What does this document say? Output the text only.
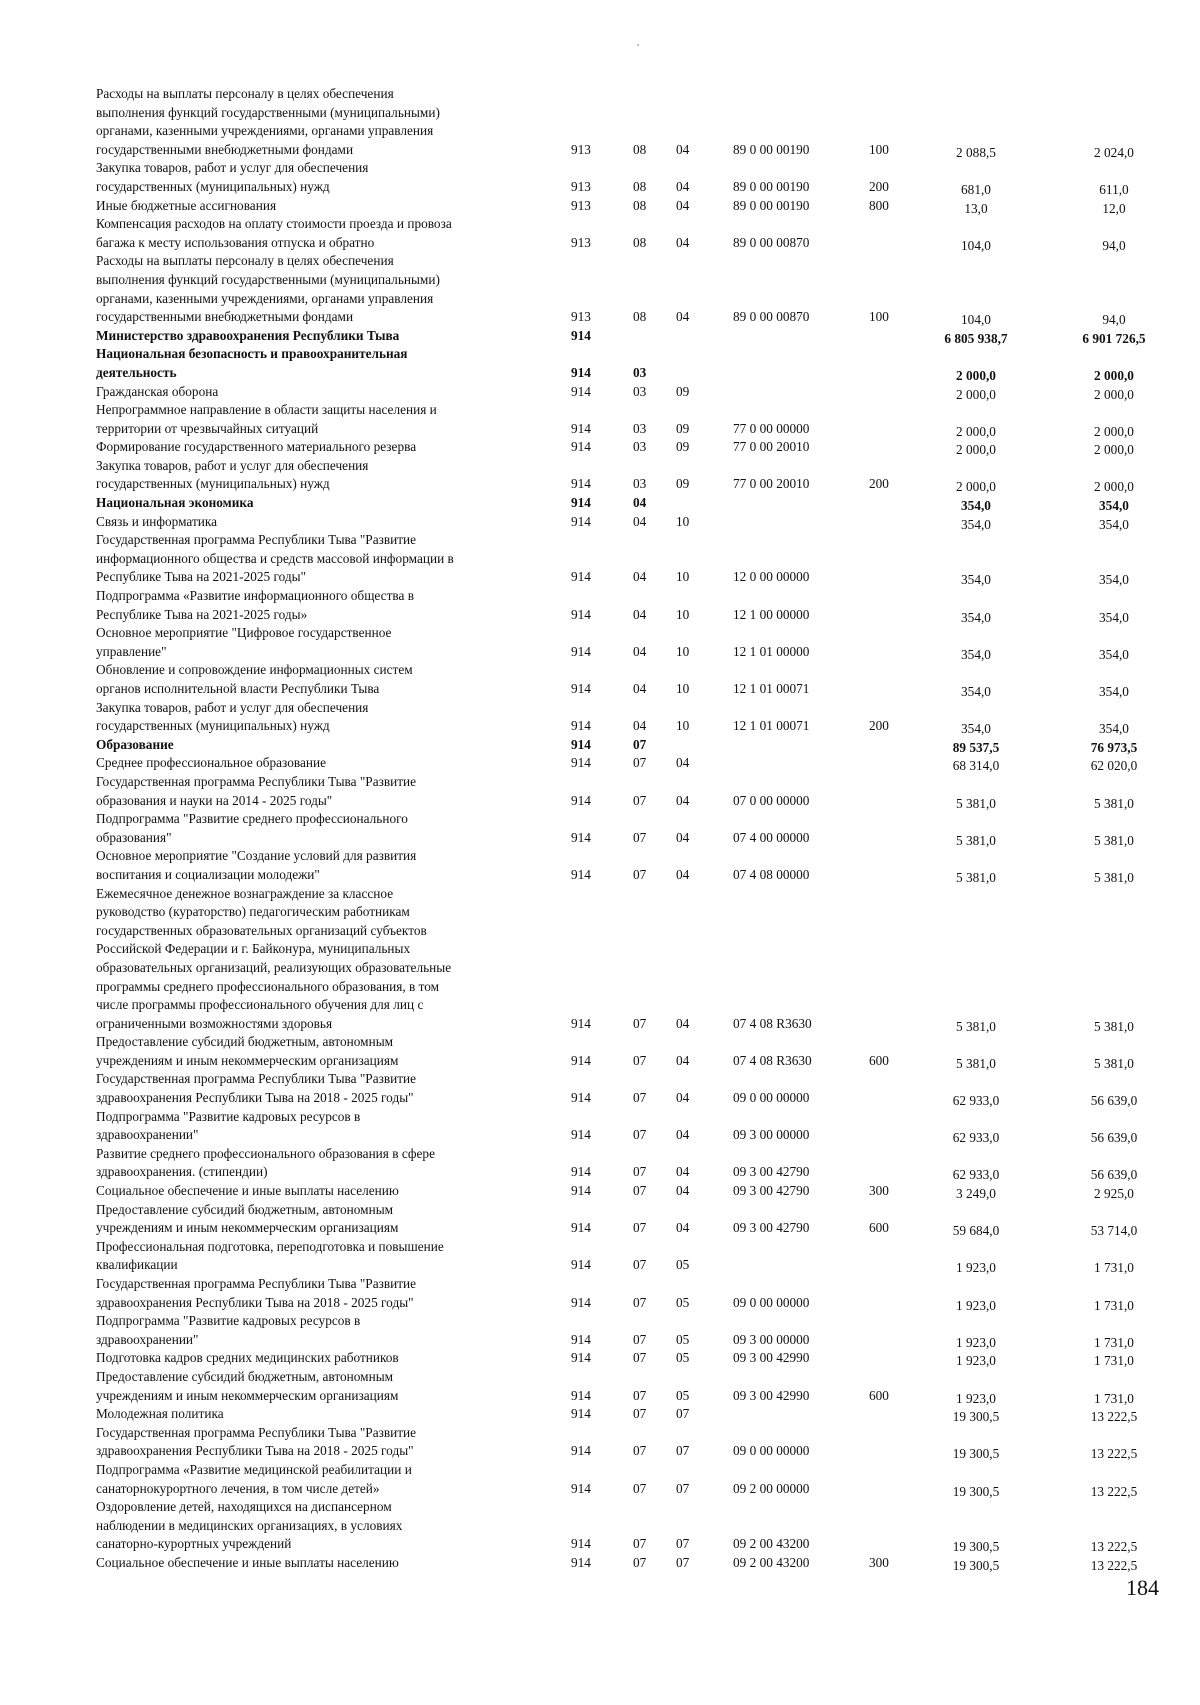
Расходы на выплаты персоналу в целях обеспечения
выполнения функций государственными (муниципальными)
органами, казенными учреждениями, органами управления
государственными внебюджетными фондами	913	08 04	89 0 00 00190	100	2 088,5	2 024,0
Закупка товаров, работ и услуг для обеспечения
государственных (муниципальных) нужд	913	08 04	89 0 00 00190	200	681,0	611,0
Иные бюджетные ассигнования	913	08 04	89 0 00 00190	800	13,0	12,0
Компенсация расходов на оплату стоимости проезда и провоза
багажа к месту использования отпуска и обратно	913	08 04	89 0 00 00870	104,0	94,0
Расходы на выплаты персоналу в целях обеспечения
выполнения функций государственными (муниципальными)
органами, казенными учреждениями, органами управления
государственными внебюджетными фондами	913	08 04	89 0 00 00870	100	104,0	94,0
Министерство здравоохранения Республики Тыва	914	6 805 938,7	6 901 726,5
Национальная безопасность и правоохранительная
деятельность	914	03	2 000,0	2 000,0
Гражданская оборона	914	03 09	2 000,0	2 000,0
Непрограммное направление в области защиты населения и
территории от чрезвычайных ситуаций	914	03 09	77 0 00 00000	2 000,0	2 000,0
Формирование государственного материального резерва	914	03 09	77 0 00 20010	2 000,0	2 000,0
Закупка товаров, работ и услуг для обеспечения
государственных (муниципальных) нужд	914	03 09	77 0 00 20010	200	2 000,0	2 000,0
Национальная экономика	914	04	354,0	354,0
Связь и информатика	914	04 10	354,0	354,0
Государственная программа Республики Тыва "Развитие
информационного общества и средств массовой информации в
Республике Тыва на 2021-2025 годы"	914	04 10	12 0 00 00000	354,0	354,0
Подпрограмма «Развитие информационного общества в
Республике Тыва на 2021-2025 годы»	914	04 10	12 1 00 00000	354,0	354,0
Основное мероприятие "Цифровое государственное
управление"	914	04 10	12 1 01 00000	354,0	354,0
Обновление и сопровождение информационных систем
органов исполнительной власти Республики Тыва	914	04 10	12 1 01 00071	354,0	354,0
Закупка товаров, работ и услуг для обеспечения
государственных (муниципальных) нужд	914	04 10	12 1 01 00071	200	354,0	354,0
Образование	914	07	89 537,5	76 973,5
Среднее профессиональное образование	914	07 04	68 314,0	62 020,0
Государственная программа Республики Тыва "Развитие
образования и науки на 2014 - 2025 годы"	914	07 04	07 0 00 00000	5 381,0	5 381,0
Подпрограмма "Развитие среднего профессионального
образования"	914	07 04	07 4 00 00000	5 381,0	5 381,0
Основное мероприятие "Создание условий для развития
воспитания и социализации молодежи"	914	07 04	07 4 08 00000	5 381,0	5 381,0
Ежемесячное денежное вознаграждение за классное
руководство (кураторство) педагогическим работникам
государственных образовательных организаций субъектов
Российской Федерации и г. Байконура, муниципальных
образовательных организаций, реализующих образовательные
программы среднего профессионального образования, в том
числе программы профессионального обучения для лиц с
ограниченными возможностями здоровья	914	07 04	07 4 08 R3630	5 381,0	5 381,0
Предоставление субсидий бюджетным, автономным
учреждениям и иным некоммерческим организациям	914	07 04	07 4 08 R3630	600	5 381,0	5 381,0
Государственная программа Республики Тыва "Развитие
здравоохранения Республики Тыва на 2018 - 2025 годы"	914	07 04	09 0 00 00000	62 933,0	56 639,0
Подпрограмма "Развитие кадровых ресурсов в
здравоохранении"	914	07 04	09 3 00 00000	62 933,0	56 639,0
Развитие среднего профессионального образования в сфере
здравоохранения. (стипендии)	914	07 04	09 3 00 42790	62 933,0	56 639,0
Социальное обеспечение и иные выплаты населению	914	07 04	09 3 00 42790	300	3 249,0	2 925,0
Предоставление субсидий бюджетным, автономным
учреждениям и иным некоммерческим организациям	914	07 04	09 3 00 42790	600	59 684,0	53 714,0
Профессиональная подготовка, переподготовка и повышение
квалификации	914	07 05	1 923,0	1 731,0
Государственная программа Республики Тыва "Развитие
здравоохранения Республики Тыва на 2018 - 2025 годы"	914	07 05	09 0 00 00000	1 923,0	1 731,0
Подпрограмма "Развитие кадровых ресурсов в
здравоохранении"	914	07 05	09 3 00 00000	1 923,0	1 731,0
Подготовка кадров средних медицинских работников	914	07 05	09 3 00 42990	1 923,0	1 731,0
Предоставление субсидий бюджетным, автономным
учреждениям и иным некоммерческим организациям	914	07 05	09 3 00 42990	600	1 923,0	1 731,0
Молодежная политика	914	07 07	19 300,5	13 222,5
Государственная программа Республики Тыва "Развитие
здравоохранения Республики Тыва на 2018 - 2025 годы"	914	07 07	09 0 00 00000	19 300,5	13 222,5
Подпрограмма «Развитие медицинской реабилитации и
санаторнокурортного лечения, в том числе детей»	914	07 07	09 2 00 00000	19 300,5	13 222,5
Оздоровление детей, находящихся на диспансерном
наблюдении в медицинских организациях, в условиях
санаторно-курортных учреждений	914	07 07	09 2 00 43200	19 300,5	13 222,5
Социальное обеспечение и иные выплаты населению	914	07 07	09 2 00 43200	300	19 300,5	13 222,5
184
